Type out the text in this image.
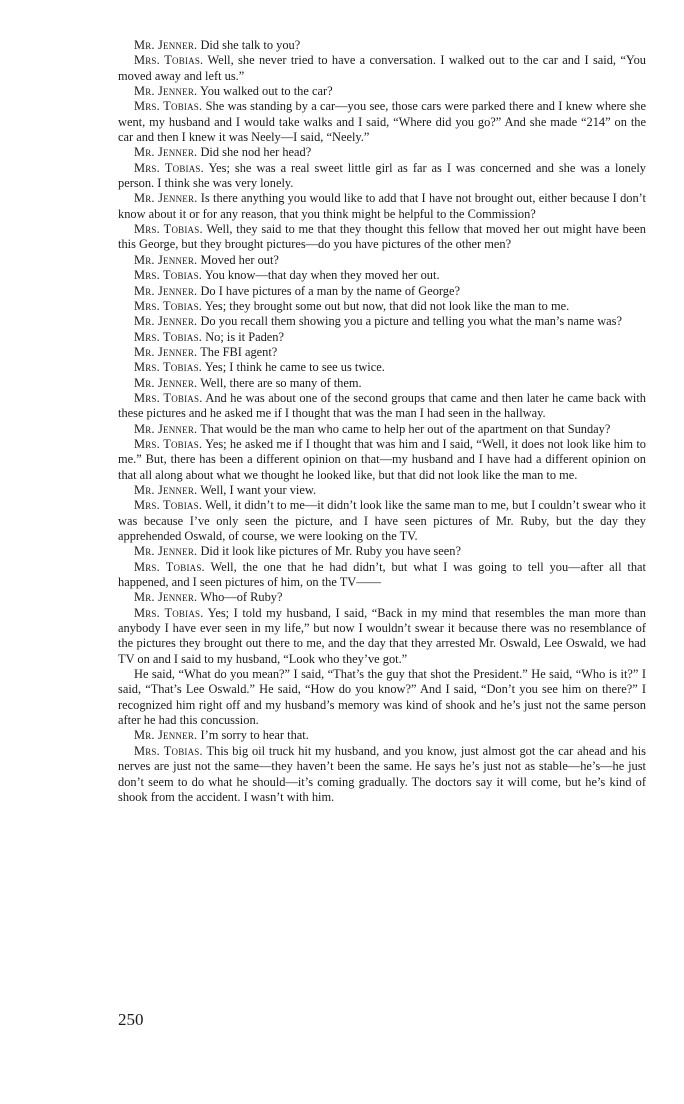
Mr. Jenner. Did she talk to you?

Mrs. Tobias. Well, she never tried to have a conversation. I walked out to the car and I said, “You moved away and left us.”

Mr. Jenner. You walked out to the car?

Mrs. Tobias. She was standing by a car—you see, those cars were parked there and I knew where she went, my husband and I would take walks and I said, “Where did you go?” And she made “214” on the car and then I knew it was Neely—I said, “Neely.”

Mr. Jenner. Did she nod her head?

Mrs. Tobias. Yes; she was a real sweet little girl as far as I was concerned and she was a lonely person. I think she was very lonely.

Mr. Jenner. Is there anything you would like to add that I have not brought out, either because I don’t know about it or for any reason, that you think might be helpful to the Commission?

Mrs. Tobias. Well, they said to me that they thought this fellow that moved her out might have been this George, but they brought pictures—do you have pictures of the other men?

Mr. Jenner. Moved her out?

Mrs. Tobias. You know—that day when they moved her out.

Mr. Jenner. Do I have pictures of a man by the name of George?

Mrs. Tobias. Yes; they brought some out but now, that did not look like the man to me.

Mr. Jenner. Do you recall them showing you a picture and telling you what the man’s name was?

Mrs. Tobias. No; is it Paden?

Mr. Jenner. The FBI agent?

Mrs. Tobias. Yes; I think he came to see us twice.

Mr. Jenner. Well, there are so many of them.

Mrs. Tobias. And he was about one of the second groups that came and then later he came back with these pictures and he asked me if I thought that was the man I had seen in the hallway.

Mr. Jenner. That would be the man who came to help her out of the apartment on that Sunday?

Mrs. Tobias. Yes; he asked me if I thought that was him and I said, “Well, it does not look like him to me.” But, there has been a different opinion on that—my husband and I have had a different opinion on that all along about what we thought he looked like, but that did not look like the man to me.

Mr. Jenner. Well, I want your view.

Mrs. Tobias. Well, it didn’t to me—it didn’t look like the same man to me, but I couldn’t swear who it was because I’ve only seen the picture, and I have seen pictures of Mr. Ruby, but the day they apprehended Oswald, of course, we were looking on the TV.

Mr. Jenner. Did it look like pictures of Mr. Ruby you have seen?

Mrs. Tobias. Well, the one that he had didn’t, but what I was going to tell you—after all that happened, and I seen pictures of him, on the TV——

Mr. Jenner. Who—of Ruby?

Mrs. Tobias. Yes; I told my husband, I said, “Back in my mind that resembles the man more than anybody I have ever seen in my life,” but now I wouldn’t swear it because there was no resemblance of the pictures they brought out there to me, and the day that they arrested Mr. Oswald, Lee Oswald, we had TV on and I said to my husband, “Look who they’ve got.”

He said, “What do you mean?” I said, “That’s the guy that shot the President.” He said, “Who is it?” I said, “That’s Lee Oswald.” He said, “How do you know?” And I said, “Don’t you see him on there?” I recognized him right off and my husband’s memory was kind of shook and he’s just not the same person after he had this concussion.

Mr. Jenner. I’m sorry to hear that.

Mrs. Tobias. This big oil truck hit my husband, and you know, just almost got the car ahead and his nerves are just not the same—they haven’t been the same. He says he’s just not as stable—he’s—he just don’t seem to do what he should—it’s coming gradually. The doctors say it will come, but he’s kind of shook from the accident. I wasn’t with him.

250
